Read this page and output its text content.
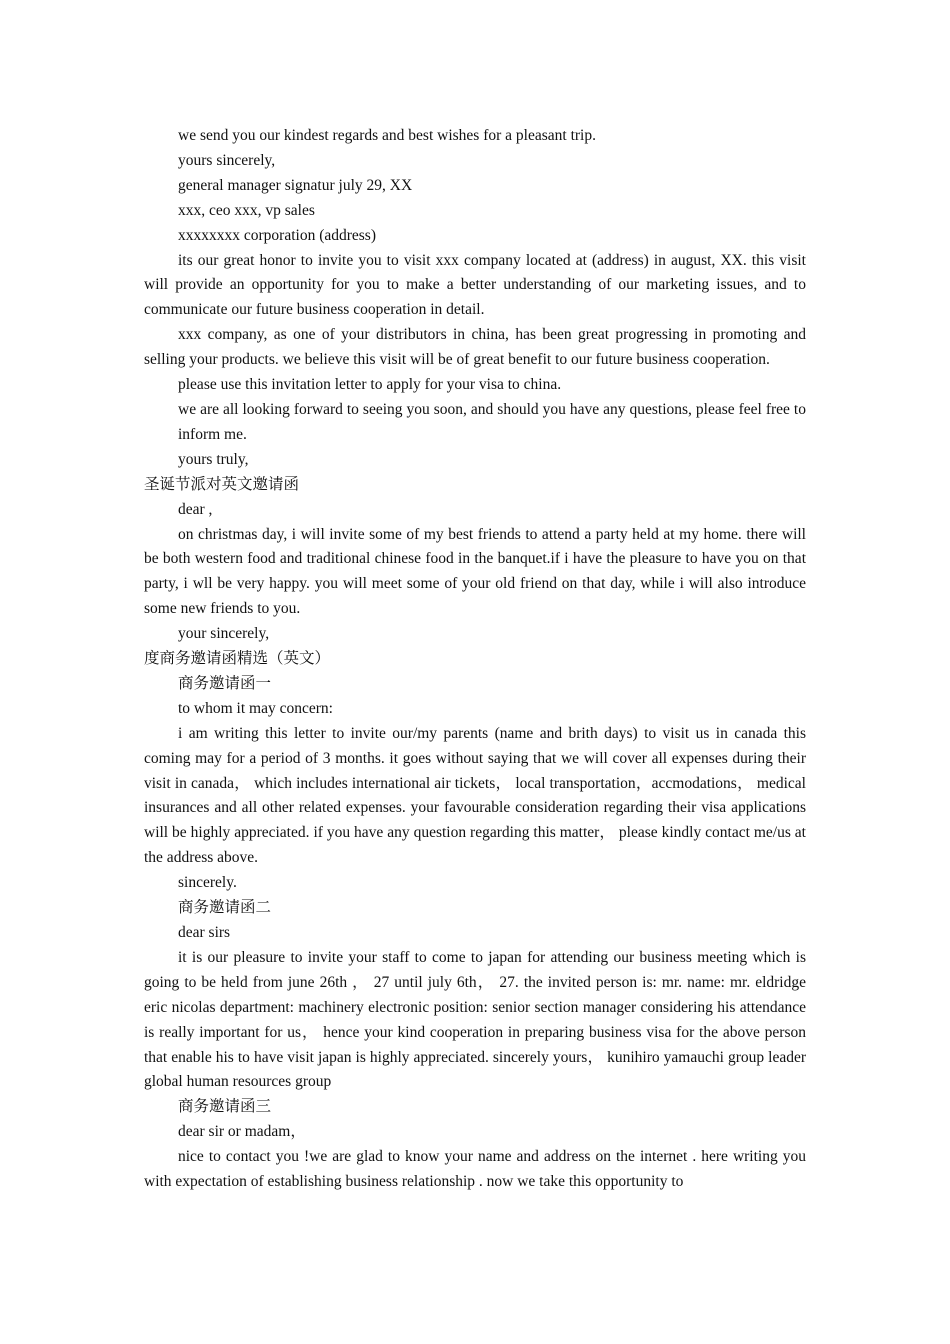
we send you our kindest regards and best wishes for a pleasant trip.

yours sincerely,

general manager signatur july 29, XX

xxx, ceo xxx, vp sales

xxxxxxxx corporation (address)

its our great honor to invite you to visit xxx company located at (address) in august, XX. this visit will provide an opportunity for you to make a better understanding of our marketing issues, and to communicate our future business cooperation in detail.

xxx company, as one of your distributors in china, has been great progressing in promoting and selling your products. we believe this visit will be of great benefit to our future business cooperation.

please use this invitation letter to apply for your visa to china.

we are all looking forward to seeing you soon, and should you have any questions, please feel free to inform me.

yours truly,

圣诞节派对英文邀请函

dear ,

on christmas day, i will invite some of my best friends to attend a party held at my home. there will be both western food and traditional chinese food in the banquet.if i have the pleasure to have you on that party, i wll be very happy. you will meet some of your old friend on that day, while i will also introduce some new friends to you.

your sincerely,

度商务邀请函精选（英文）

商务邀请函一

to whom it may concern:

i am writing this letter to invite our/my parents (name and brith days) to visit us in canada this coming may for a period of 3 months. it goes without saying that we will cover all expenses during their visit in canada， which includes international air tickets， local transportation，accmodations， medical insurances and all other related expenses. your favourable consideration regarding their visa applications will be highly appreciated. if you have any question regarding this matter， please kindly contact me/us at the address above.

sincerely.

商务邀请函二

dear sirs

it is our pleasure to invite your staff to come to japan for attending our business meeting which is going to be held from june 26th ， 27 until july 6th， 27. the invited person is: mr. name: mr. eldridge eric nicolas department: machinery electronic position: senior section manager considering his attendance is really important for us， hence your kind cooperation in preparing business visa for the above person that enable his to have visit japan is highly appreciated. sincerely yours， kunihiro yamauchi group leader global human resources group

商务邀请函三

dear sir or madam，

nice to contact you !we are glad to know your name and address on the internet . here writing you with expectation of establishing business relationship . now we take this opportunity to
